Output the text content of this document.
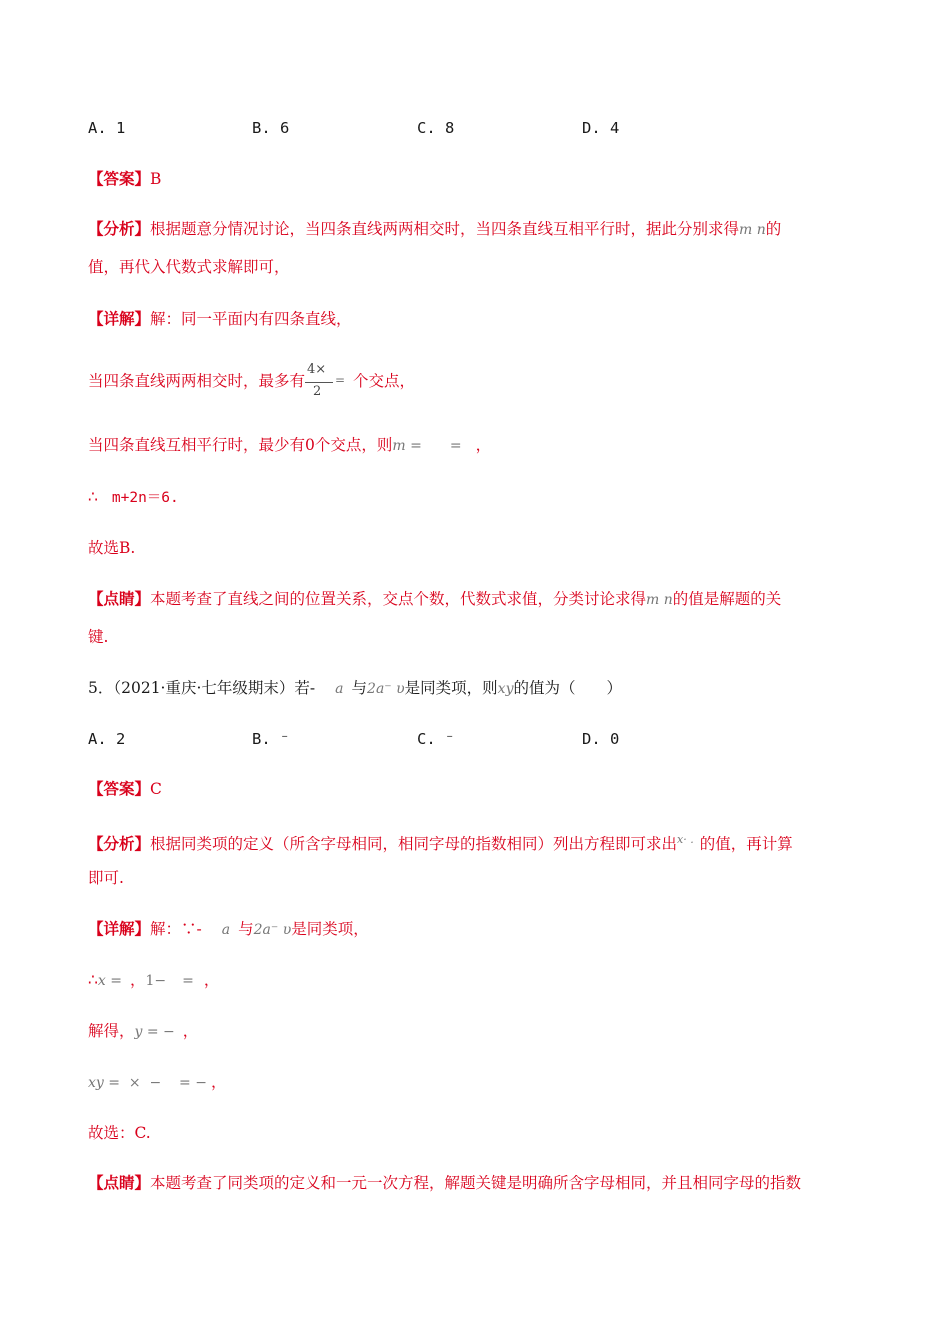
A. 1	B. 6	C. 8	D. 4
【答案】B
【分析】根据题意分情况讨论，当四条直线两两相交时，当四条直线互相平行时，据此分别求得m n的
值，再代入代数式求解即可，
【详解】解：同一平面内有四条直线，
当四条直线两两相交时，最多有
4×
2
= 个交点，
当四条直线互相平行时，最少有0个交点，则m = = ，
∴ m+2n＝6.
故选B.
【点睛】本题考查了直线之间的位置关系，交点个数，代数式求值，分类讨论求得m n的值是解题的关
键.
5．（2021·重庆·七年级期末）若- a 与2a⁻ υ是同类项，则xy的值为（　　）
A. 2	B. ⁻	C. ⁻	D. 0
【答案】C
【分析】根据同类项的定义（所含字母相同，相同字母的指数相同）列出方程即可求出$^{x\cdot .}$ 的值，再计算
即可.
【详解】解：∵- a 与2a⁻ υ是同类项，
∴x = ，1− = ，
解得，y = − ，
xy =  ×  −    = − ，
故选：C.
【点睛】本题考查了同类项的定义和一元一次方程，解题关键是明确所含字母相同，并且相同字母的指数
